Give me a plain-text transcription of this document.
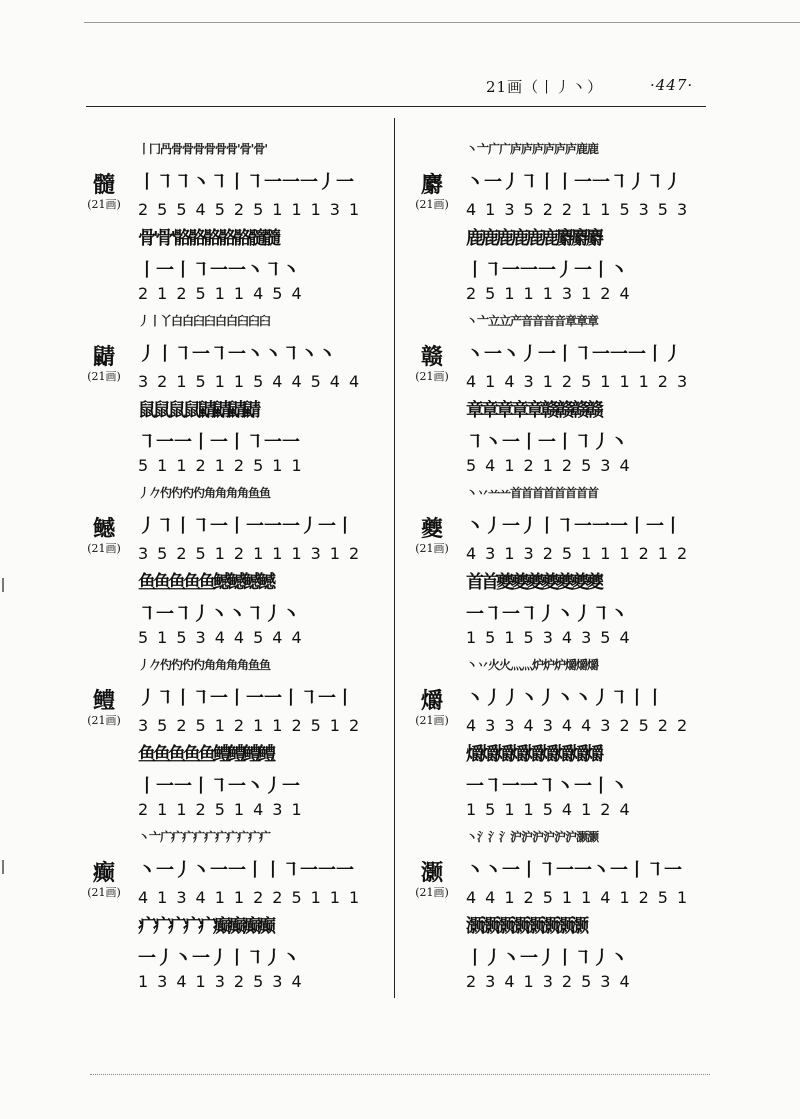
21画（丨丿丶）	·447·
丨冂冎骨骨骨骨骨骨'骨'骨'
髓
(21画)
丨㇕㇕丶㇕丨㇕一一一丿一
255452511131
骨'骨'骼骼骼骼骼髓髓
丨一丨㇕一一丶㇕丶
212511454
丿丨丫白白臼臼白白臼臼臼
鼱
(21画)
丿丨㇕一㇕一丶丶㇕丶丶
321511544544
鼠鼠鼠鼠鼱鼱鼱鼱
㇕一一丨一丨㇕一一
511212511
丿𠂊仢仢仢仢角角角角鱼鱼
鳡
(21画)
丿㇕丨㇕一丨一一一丿一丨
352512111312
鱼鱼鱼鱼鱼鳡鳡鳡鳡
㇕一㇕丿丶丶㇕丿丶
515344544
丿𠂊仢仢仢仢角角角角鱼鱼
鳢
(21画)
丿㇕丨㇕一丨一一丨㇕一丨
352512112512
鱼鱼鱼鱼鱼鳢鳢鳢鳢
丨一一丨㇕一丶丿一
211251431
丶亠广疒疒疒疒疒疒疒疒疒
癫
(21画)
丶一丿丶一一丨丨㇕一一一
413411225111
疒疒疒疒疒癫癫癫癫
一丿丶一丿丨㇕丿丶
134132534
丶亠广广庐庐庐庐庐庐鹿鹿
麝
(21画)
丶一丿㇕丨丨一一㇕丿㇕丿
413522115353
鹿鹿鹿鹿鹿鹿麝麝麝
丨㇕一一一丿一丨丶
251113124
丶亠立立产音音音音章章章
赣
(21画)
丶一丶丿一丨㇕一一一丨丿
414312511123
章章章章章赣赣赣赣
㇕丶一丨一丨㇕丿丶
541212534
丶丷䒑䒑首首首首首首首首
夔
(21画)
丶丿一丿丨㇕一一一丨一丨
431325111212
首首夔夔夔夔夔夔夔
一㇕一㇕丿丶丿㇕丶
151534354
丶丷火火灬灬炉炉炉爝爝爝
爝
(21画)
丶丿丿丶丿丶丶丿㇕丨丨
433434432522
爝爝爝爝爝爝爝爝爝
一㇕一一㇕丶一丨丶
151154124
丶氵氵氵沪沪沪沪沪沪灏灏
灏
(21画)
丶丶一丨㇕一一丶一丨㇕一
441251141251
灏灏灏灏灏灏灏灏
丨丿丶一丿丨㇕丿丶
234132534
